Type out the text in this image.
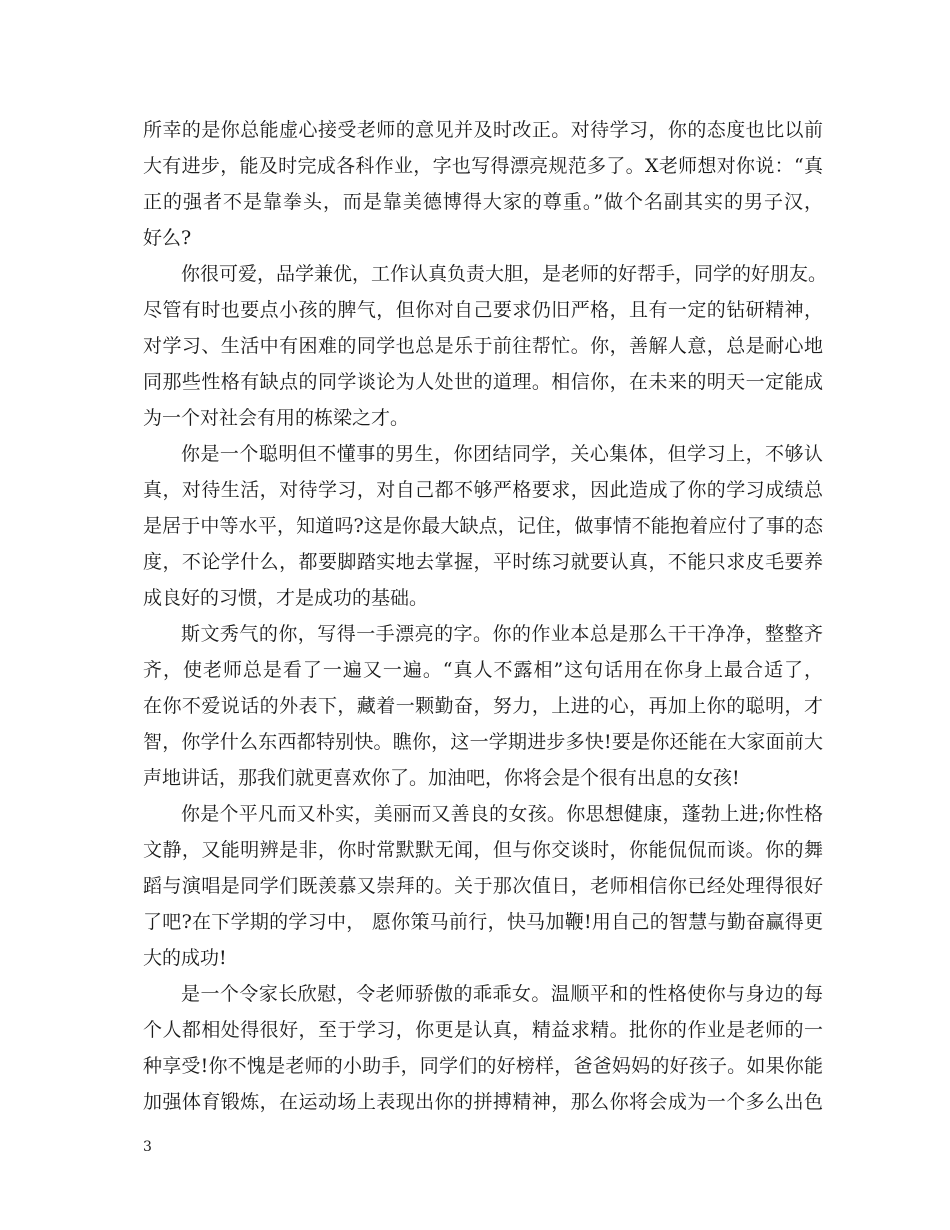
所幸的是你总能虚心接受老师的意见并及时改正。对待学习，你的态度也比以前
大有进步，能及时完成各科作业，字也写得漂亮规范多了。X老师想对你说：“真
正的强者不是靠拳头，而是靠美德博得大家的尊重。”做个名副其实的男子汉，
好么?
你很可爱，品学兼优，工作认真负责大胆，是老师的好帮手，同学的好朋友。
尽管有时也要点小孩的脾气，但你对自己要求仍旧严格，且有一定的钻研精神，
对学习、生活中有困难的同学也总是乐于前往帮忙。你，善解人意，总是耐心地
同那些性格有缺点的同学谈论为人处世的道理。相信你，在未来的明天一定能成
为一个对社会有用的栋梁之才。
你是一个聪明但不懂事的男生，你团结同学，关心集体，但学习上，不够认
真，对待生活，对待学习，对自己都不够严格要求，因此造成了你的学习成绩总
是居于中等水平，知道吗?这是你最大缺点，记住，做事情不能抱着应付了事的态
度，不论学什么，都要脚踏实地去掌握，平时练习就要认真，不能只求皮毛要养
成良好的习惯，才是成功的基础。
斯文秀气的你，写得一手漂亮的字。你的作业本总是那么干干净净，整整齐
齐，使老师总是看了一遍又一遍。“真人不露相”这句话用在你身上最合适了，
在你不爱说话的外表下，藏着一颗勤奋，努力，上进的心，再加上你的聪明，才
智，你学什么东西都特别快。瞧你，这一学期进步多快!要是你还能在大家面前大
声地讲话，那我们就更喜欢你了。加油吧，你将会是个很有出息的女孩!
你是个平凡而又朴实，美丽而又善良的女孩。你思想健康，蓬勃上进;你性格
文静，又能明辨是非，你时常默默无闻，但与你交谈时，你能侃侃而谈。你的舞
蹈与演唱是同学们既羡慕又崇拜的。关于那次值日，老师相信你已经处理得很好
了吧?在下学期的学习中， 愿你策马前行，快马加鞭!用自己的智慧与勤奋赢得更
大的成功!
是一个令家长欣慰，令老师骄傲的乖乖女。温顺平和的性格使你与身边的每
个人都相处得很好，至于学习，你更是认真，精益求精。批你的作业是老师的一
种享受!你不愧是老师的小助手，同学们的好榜样，爸爸妈妈的好孩子。如果你能
加强体育锻炼，在运动场上表现出你的拼搏精神，那么你将会成为一个多么出色
3
